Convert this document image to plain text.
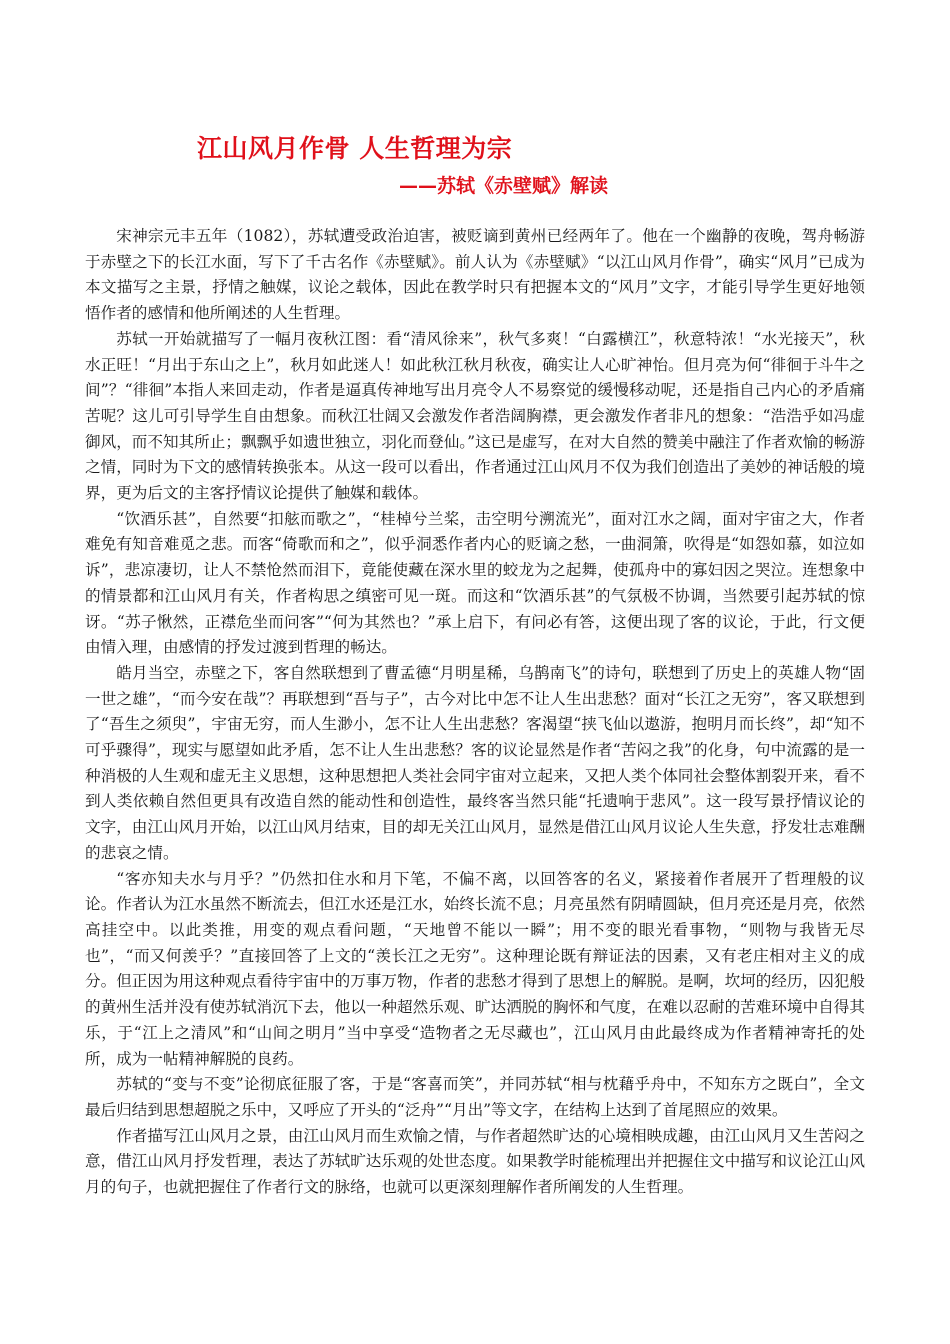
江山风月作骨 人生哲理为宗
——苏轼《赤壁赋》解读

宋神宗元丰五年（1082），苏轼遭受政治迫害，被贬谪到黄州已经两年了。他在一个幽静的夜晚，驾舟畅游于赤壁之下的长江水面，写下了千古名作《赤壁赋》。前人认为《赤壁赋》“以江山风月作骨”，确实“风月”已成为本文描写之主景，抒情之触媒，议论之载体，因此在教学时只有把握本文的“风月”文字，才能引导学生更好地领悟作者的感情和他所阐述的人生哲理。

苏轼一开始就描写了一幅月夜秋江图：看“清风徐来”，秋气多爽！“白露横江”，秋意特浓！“水光接天”，秋水正旺！“月出于东山之上”，秋月如此迷人！如此秋江秋月秋夜，确实让人心旷神怡。但月亮为何“徘徊于斗牛之间”？“徘徊”本指人来回走动，作者是逼真传神地写出月亮令人不易察觉的缓慢移动呢，还是指自己内心的矛盾痛苦呢？这儿可引导学生自由想象。而秋江壮阔又会激发作者浩阔胸襟，更会激发作者非凡的想象：“浩浩乎如冯虚御风，而不知其所止；飘飘乎如遗世独立，羽化而登仙。”这已是虚写，在对大自然的赞美中融注了作者欢愉的畅游之情，同时为下文的感情转换张本。从这一段可以看出，作者通过江山风月不仅为我们创造出了美妙的神话般的境界，更为后文的主客抒情议论提供了触媒和载体。

“饮酒乐甚”，自然要“扣舷而歌之”，“桂棹兮兰桨，击空明兮溯流光”，面对江水之阔，面对宇宙之大，作者难免有知音难觅之悲。而客“倚歌而和之”，似乎洞悉作者内心的贬谪之愁，一曲洞箫，吹得是“如怨如慕，如泣如诉”，悲凉凄切，让人不禁怆然而泪下，竟能使藏在深水里的蛟龙为之起舞，使孤舟中的寡妇因之哭泣。连想象中的情景都和江山风月有关，作者构思之缜密可见一斑。而这和“饮酒乐甚”的气氛极不协调，当然要引起苏轼的惊讶。“苏子愀然，正襟危坐而问客”“何为其然也？”承上启下，有问必有答，这便出现了客的议论，于此，行文便由情入理，由感情的抒发过渡到哲理的畅达。

皓月当空，赤壁之下，客自然联想到了曹孟德“月明星稀，乌鹊南飞”的诗句，联想到了历史上的英雄人物“固一世之雄”，“而今安在哉”？再联想到“吾与子”，古今对比中怎不让人生出悲愁？面对“长江之无穷”，客又联想到了“吾生之须臾”，宇宙无穷，而人生渺小，怎不让人生出悲愁？客渴望“挟飞仙以遨游，抱明月而长终”，却“知不可乎骤得”，现实与愿望如此矛盾，怎不让人生出悲愁？客的议论显然是作者“苦闷之我”的化身，句中流露的是一种消极的人生观和虚无主义思想，这种思想把人类社会同宇宙对立起来，又把人类个体同社会整体割裂开来，看不到人类依赖自然但更具有改造自然的能动性和创造性，最终客当然只能“托遗响于悲风”。这一段写景抒情议论的文字，由江山风月开始，以江山风月结束，目的却无关江山风月，显然是借江山风月议论人生失意，抒发壮志难酬的悲哀之情。

“客亦知夫水与月乎？”仍然扣住水和月下笔，不偏不离，以回答客的名义，紧接着作者展开了哲理般的议论。作者认为江水虽然不断流去，但江水还是江水，始终长流不息；月亮虽然有阴晴圆缺，但月亮还是月亮，依然高挂空中。以此类推，用变的观点看问题，“天地曾不能以一瞬”；用不变的眼光看事物，“则物与我皆无尽也”，“而又何羡乎？”直接回答了上文的“羡长江之无穷”。这种理论既有辩证法的因素，又有老庄相对主义的成分。但正因为用这种观点看待宇宙中的万事万物，作者的悲愁才得到了思想上的解脱。是啊，坎坷的经历，囚犯般的黄州生活并没有使苏轼消沉下去，他以一种超然乐观、旷达洒脱的胸怀和气度，在难以忍耐的苦难环境中自得其乐，于“江上之清风”和“山间之明月”当中享受“造物者之无尽藏也”，江山风月由此最终成为作者精神寄托的处所，成为一帖精神解脱的良药。

苏轼的“变与不变”论彻底征服了客，于是“客喜而笑”，并同苏轼“相与枕藉乎舟中，不知东方之既白”，全文最后归结到思想超脱之乐中，又呼应了开头的“泛舟”“月出”等文字，在结构上达到了首尾照应的效果。

作者描写江山风月之景，由江山风月而生欢愉之情，与作者超然旷达的心境相映成趣，由江山风月又生苦闷之意，借江山风月抒发哲理，表达了苏轼旷达乐观的处世态度。如果教学时能梳理出并把握住文中描写和议论江山风月的句子，也就把握住了作者行文的脉络，也就可以更深刻理解作者所阐发的人生哲理。
